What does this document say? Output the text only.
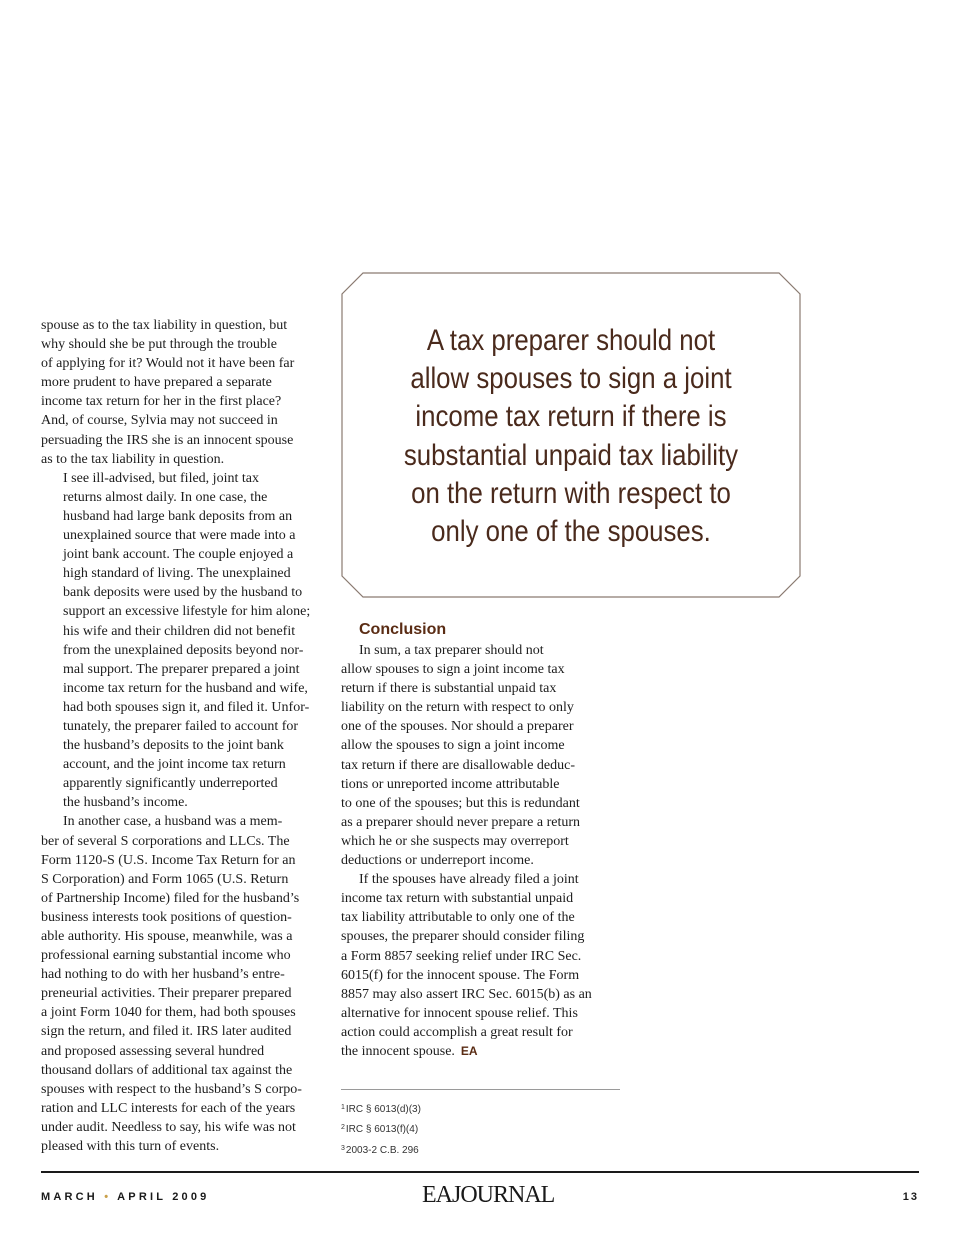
spouse as to the tax liability in question, but
why should she be put through the trouble
of applying for it? Would not it have been far
more prudent to have prepared a separate
income tax return for her in the first place?
And, of course, Sylvia may not succeed in
persuading the IRS she is an innocent spouse
as to the tax liability in question.

I see ill-advised, but filed, joint tax
returns almost daily. In one case, the
husband had large bank deposits from an
unexplained source that were made into a
joint bank account. The couple enjoyed a
high standard of living. The unexplained
bank deposits were used by the husband to
support an excessive lifestyle for him alone;
his wife and their children did not benefit
from the unexplained deposits beyond nor-
mal support. The preparer prepared a joint
income tax return for the husband and wife,
had both spouses sign it, and filed it. Unfor-
tunately, the preparer failed to account for
the husband’s deposits to the joint bank
account, and the joint income tax return
apparently significantly underreported
the husband’s income.

In another case, a husband was a mem-
ber of several S corporations and LLCs. The
Form 1120-S (U.S. Income Tax Return for an
S Corporation) and Form 1065 (U.S. Return
of Partnership Income) filed for the husband’s
business interests took positions of question-
able authority. His spouse, meanwhile, was a
professional earning substantial income who
had nothing to do with her husband’s entre-
preneurial activities. Their preparer prepared
a joint Form 1040 for them, had both spouses
sign the return, and filed it. IRS later audited
and proposed assessing several hundred
thousand dollars of additional tax against the
spouses with respect to the husband’s S corpo-
ration and LLC interests for each of the years
under audit. Needless to say, his wife was not
pleased with this turn of events.

A tax preparer should not
allow spouses to sign a joint
income tax return if there is
substantial unpaid tax liability
on the return with respect to
only one of the spouses.
Conclusion

In sum, a tax preparer should not
allow spouses to sign a joint income tax
return if there is substantial unpaid tax
liability on the return with respect to only
one of the spouses. Nor should a preparer
allow the spouses to sign a joint income
tax return if there are disallowable deduc-
tions or unreported income attributable
to one of the spouses; but this is redundant
as a preparer should never prepare a return
which he or she suspects may overreport
deductions or underreport income.

If the spouses have already filed a joint
income tax return with substantial unpaid
tax liability attributable to only one of the
spouses, the preparer should consider filing
a Form 8857 seeking relief under IRC Sec.
6015(f) for the innocent spouse. The Form
8857 may also assert IRC Sec. 6015(b) as an
alternative for innocent spouse relief. This
action could accomplish a great result for
the innocent spouse. EA

$^1$IRC § 6013(d)(3)
$^2$IRC § 6013(f)(4)
$^3$2003-2 C.B. 296
MARCH • APRIL 2009	EAJOURNAL	13
